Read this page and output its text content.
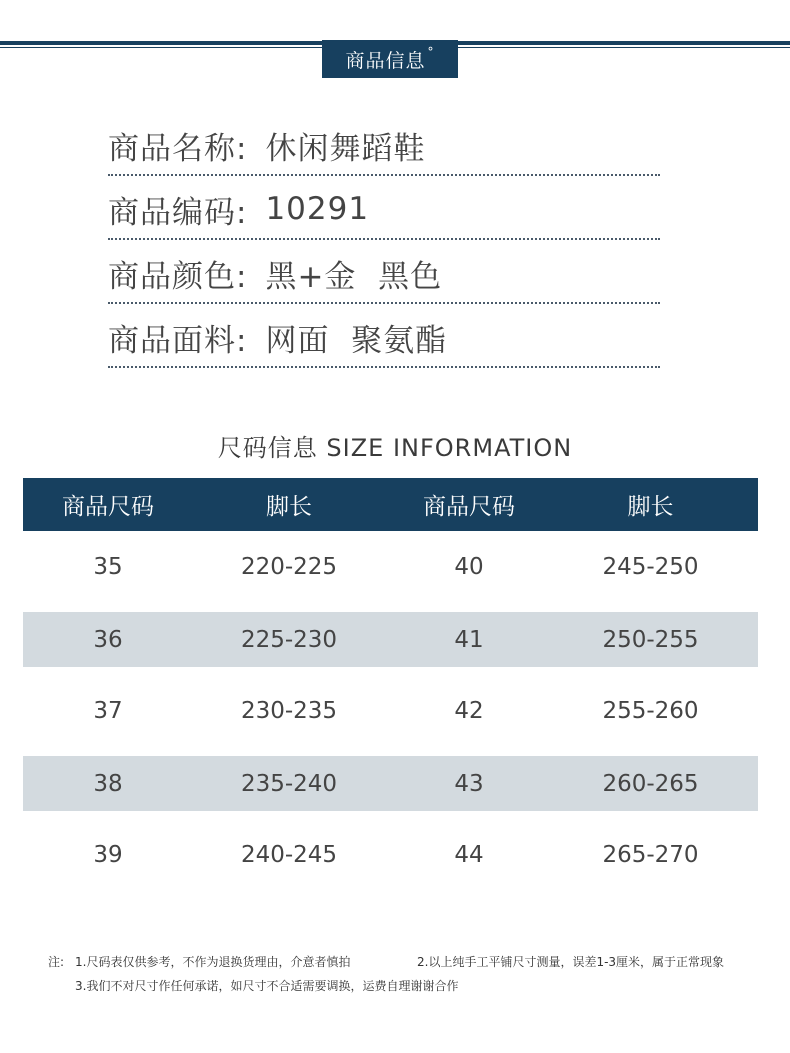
商品信息 °
商品名称: 休闲舞蹈鞋
商品编码: 10291
商品颜色: 黑+金  黑色
商品面料: 网面  聚氨酯
尺码信息 SIZE INFORMATION
商品尺码	脚长	商品尺码	脚长
35	220-225	40	245-250
36	225-230	41	250-255
37	230-235	42	255-260
38	235-240	43	260-265
39	240-245	44	265-270
注: 1.尺码表仅供参考，不作为退换货理由，介意者慎拍	2.以上纯手工平铺尺寸测量，误差1-3厘米，属于正常现象
3.我们不对尺寸作任何承诺，如尺寸不合适需要调换，运费自理谢谢合作
